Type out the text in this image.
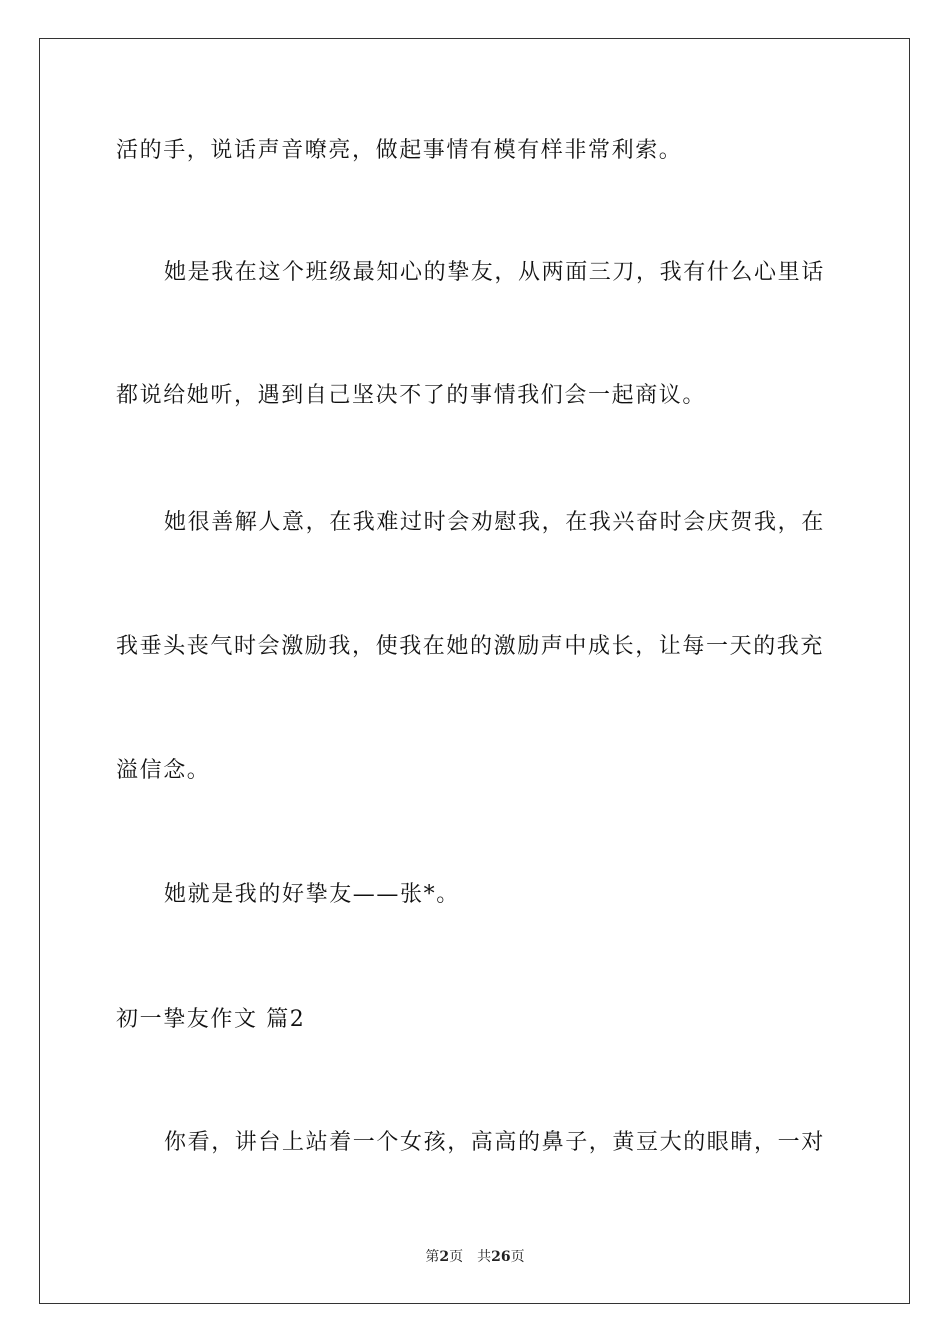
活的手，说话声音嘹亮，做起事情有模有样非常利索。
她是我在这个班级最知心的挚友，从两面三刀，我有什么心里话
都说给她听，遇到自己坚决不了的事情我们会一起商议。
她很善解人意，在我难过时会劝慰我，在我兴奋时会庆贺我，在
我垂头丧气时会激励我，使我在她的激励声中成长，让每一天的我充
溢信念。
她就是我的好挚友——张*。
初一挚友作文 篇2
你看，讲台上站着一个女孩，高高的鼻子，黄豆大的眼睛，一对
第2页 共26页
